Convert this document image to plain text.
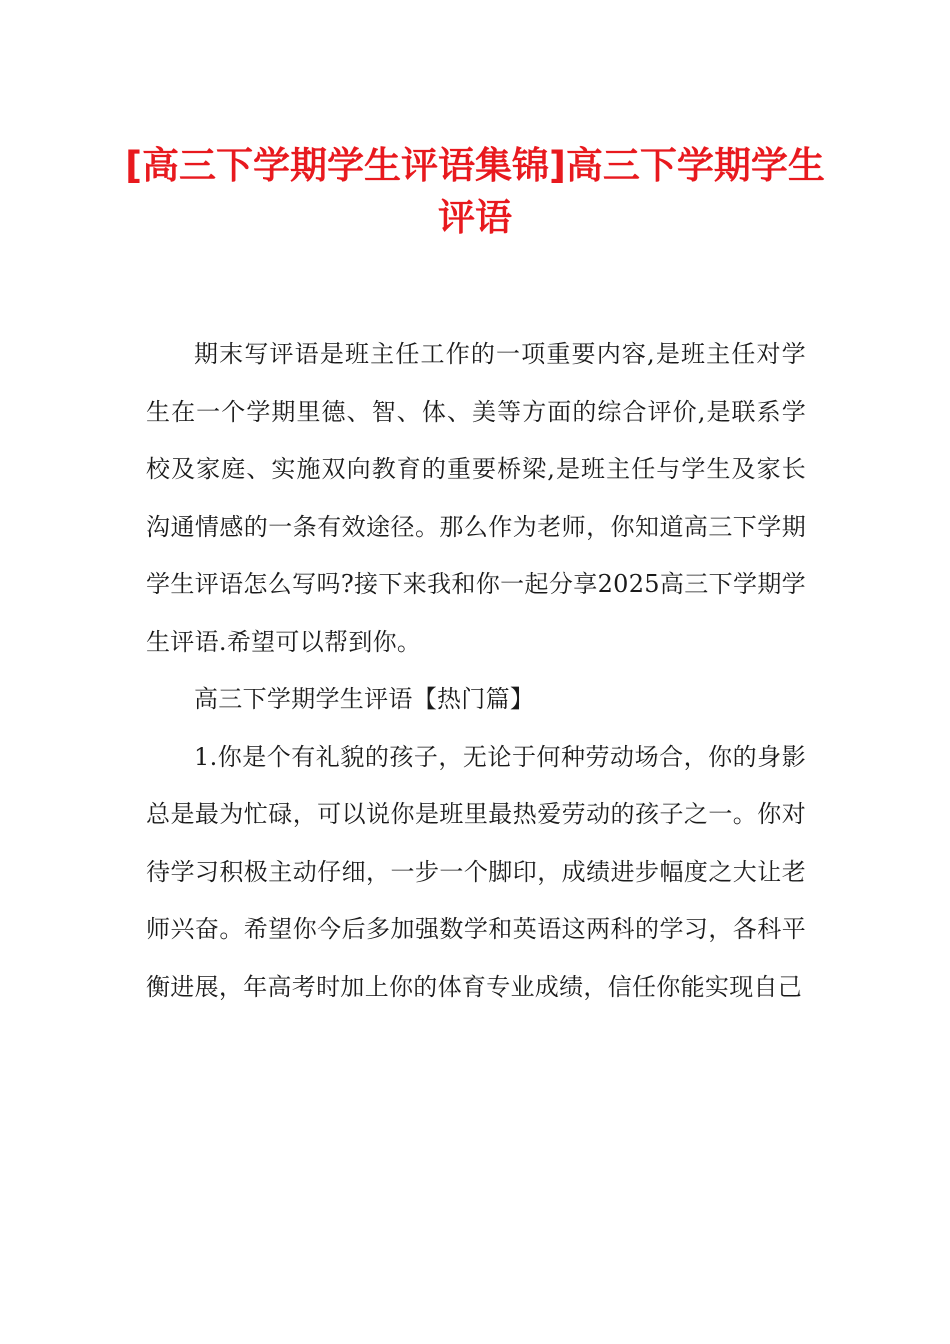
[高三下学期学生评语集锦]高三下学期学生评语

期末写评语是班主任工作的一项重要内容,是班主任对学生在一个学期里德、智、体、美等方面的综合评价,是联系学校及家庭、实施双向教育的重要桥梁,是班主任与学生及家长沟通情感的一条有效途径。那么作为老师，你知道高三下学期学生评语怎么写吗?接下来我和你一起分享2025高三下学期学生评语.希望可以帮到你。

高三下学期学生评语【热门篇】

1.你是个有礼貌的孩子，无论于何种劳动场合，你的身影总是最为忙碌，可以说你是班里最热爱劳动的孩子之一。你对待学习积极主动仔细，一步一个脚印，成绩进步幅度之大让老师兴奋。希望你今后多加强数学和英语这两科的学习，各科平衡进展，年高考时加上你的体育专业成绩，信任你能实现自己
